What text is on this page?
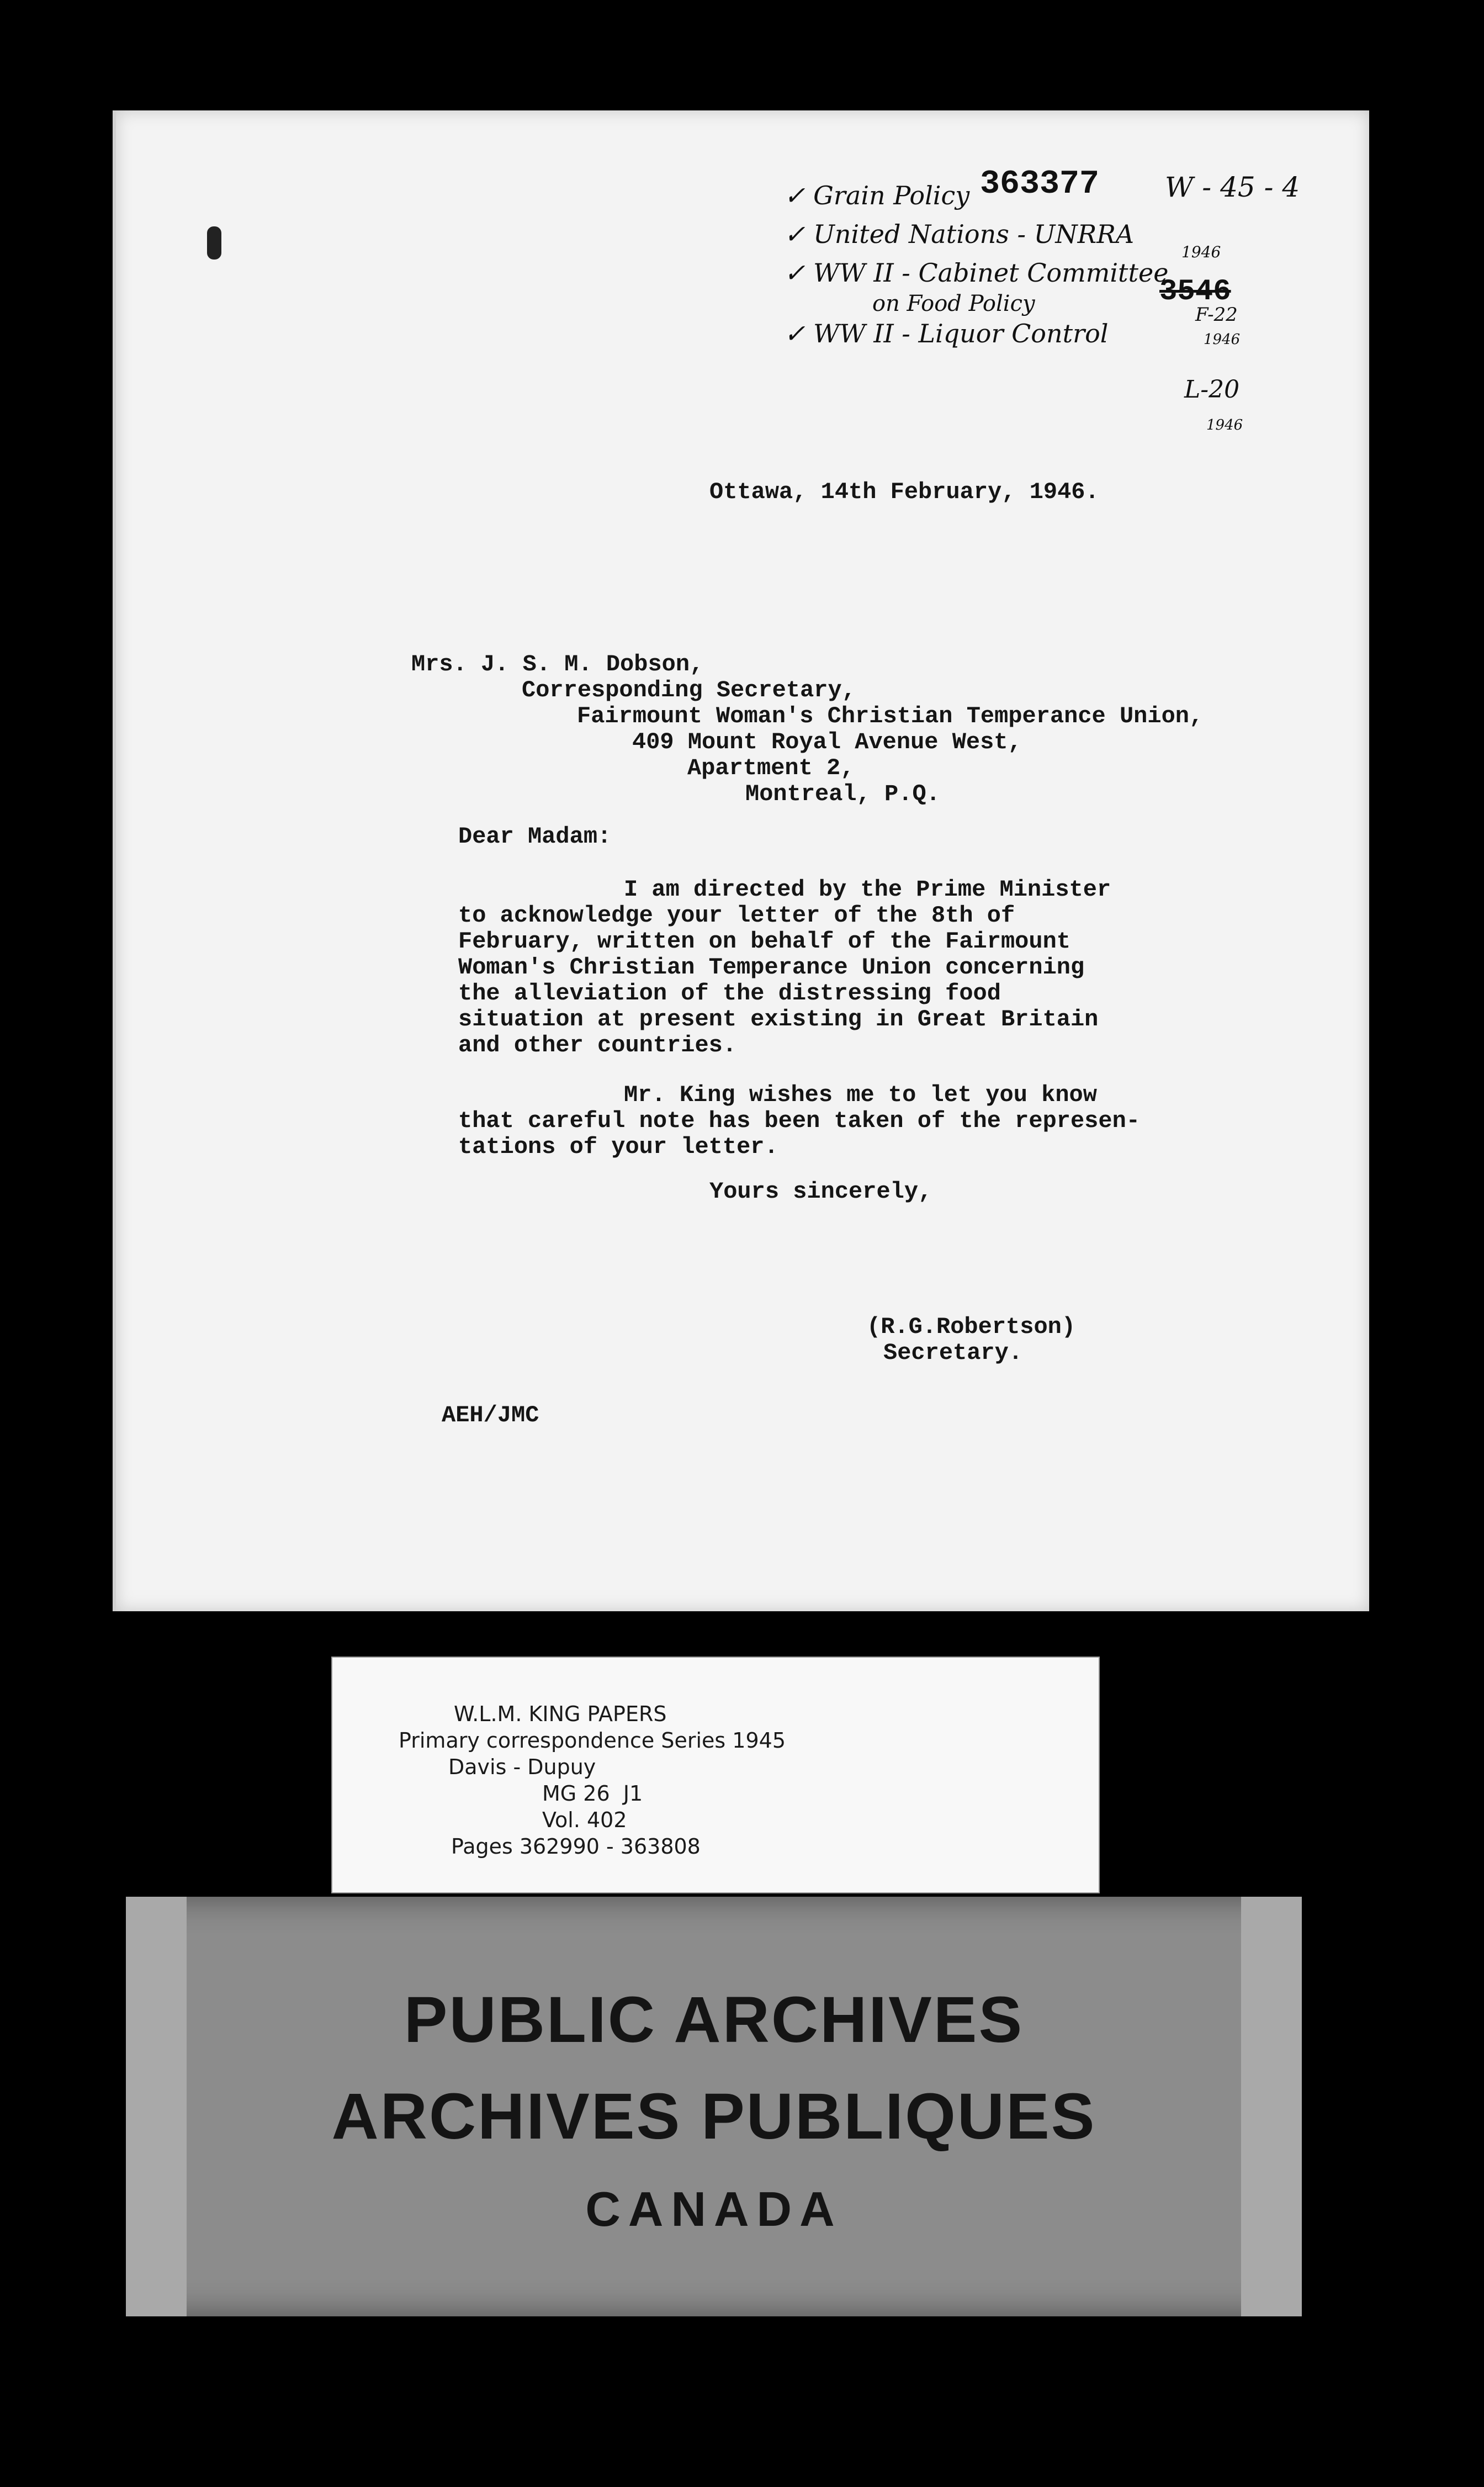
363377
✓ Grain Policy
✓ United Nations - UNRRA
✓ WW II - Cabinet Committee
on Food Policy
✓ WW II - Liquor Control
W - 45 - 4
1946
3546
F-22
1946
L-20
1946
Ottawa, 14th February, 1946.
Mrs. J. S. M. Dobson,
Corresponding Secretary,
Fairmount Woman's Christian Temperance Union,
409 Mount Royal Avenue West,
Apartment 2,
Montreal, P.Q.
Dear Madam:
I am directed by the Prime Minister
to acknowledge your letter of the 8th of
February, written on behalf of the Fairmount
Woman's Christian Temperance Union concerning
the alleviation of the distressing food
situation at present existing in Great Britain
and other countries.
Mr. King wishes me to let you know
that careful note has been taken of the represen-
tations of your letter.
Yours sincerely,
(R.G.Robertson)
Secretary.
AEH/JMC
W.L.M. KING PAPERS
Primary correspondence Series 1945
Davis - Dupuy
MG 26  J1
Vol. 402
Pages 362990 - 363808
PUBLIC ARCHIVES
ARCHIVES PUBLIQUES
CANADA
